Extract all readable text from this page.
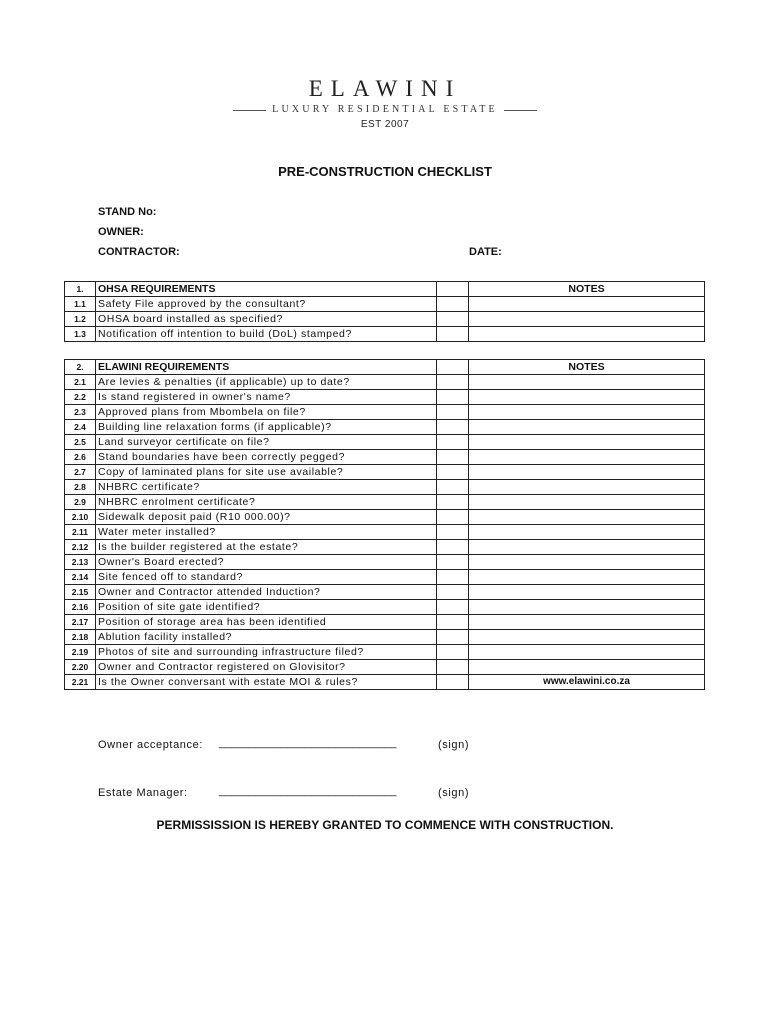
ELAWINI
LUXURY RESIDENTIAL ESTATE
EST 2007
PRE-CONSTRUCTION CHECKLIST
STAND No:
OWNER:
CONTRACTOR:	DATE:
1.	OHSA REQUIREMENTS		NOTES
1.1	Safety File approved by the consultant?		
1.2	OHSA board installed as specified?		
1.3	Notification off intention to build (DoL) stamped?		
2.	ELAWINI REQUIREMENTS		NOTES
2.1	Are levies & penalties (if applicable) up to date?		
2.2	Is stand registered in owner's name?		
2.3	Approved plans from Mbombela on file?		
2.4	Building line relaxation forms (if applicable)?		
2.5	Land surveyor certificate on file?		
2.6	Stand boundaries have been correctly pegged?		
2.7	Copy of laminated plans for site use available?		
2.8	NHBRC certificate?		
2.9	NHBRC enrolment certificate?		
2.10	Sidewalk deposit paid (R10 000.00)?		
2.11	Water meter installed?		
2.12	Is the builder registered at the estate?		
2.13	Owner's Board erected?		
2.14	Site fenced off to standard?		
2.15	Owner and Contractor attended Induction?		
2.16	Position of site gate identified?		
2.17	Position of storage area has been identified		
2.18	Ablution facility installed?		
2.19	Photos of site and surrounding infrastructure filed?		
2.20	Owner and Contractor registered on Glovisitor?		
2.21	Is the Owner conversant with estate MOI & rules?		www.elawini.co.za
Owner acceptance: _____________________________	(sign)
Estate Manager:	_____________________________	(sign)
PERMISSISSION IS HEREBY GRANTED TO COMMENCE WITH CONSTRUCTION.
